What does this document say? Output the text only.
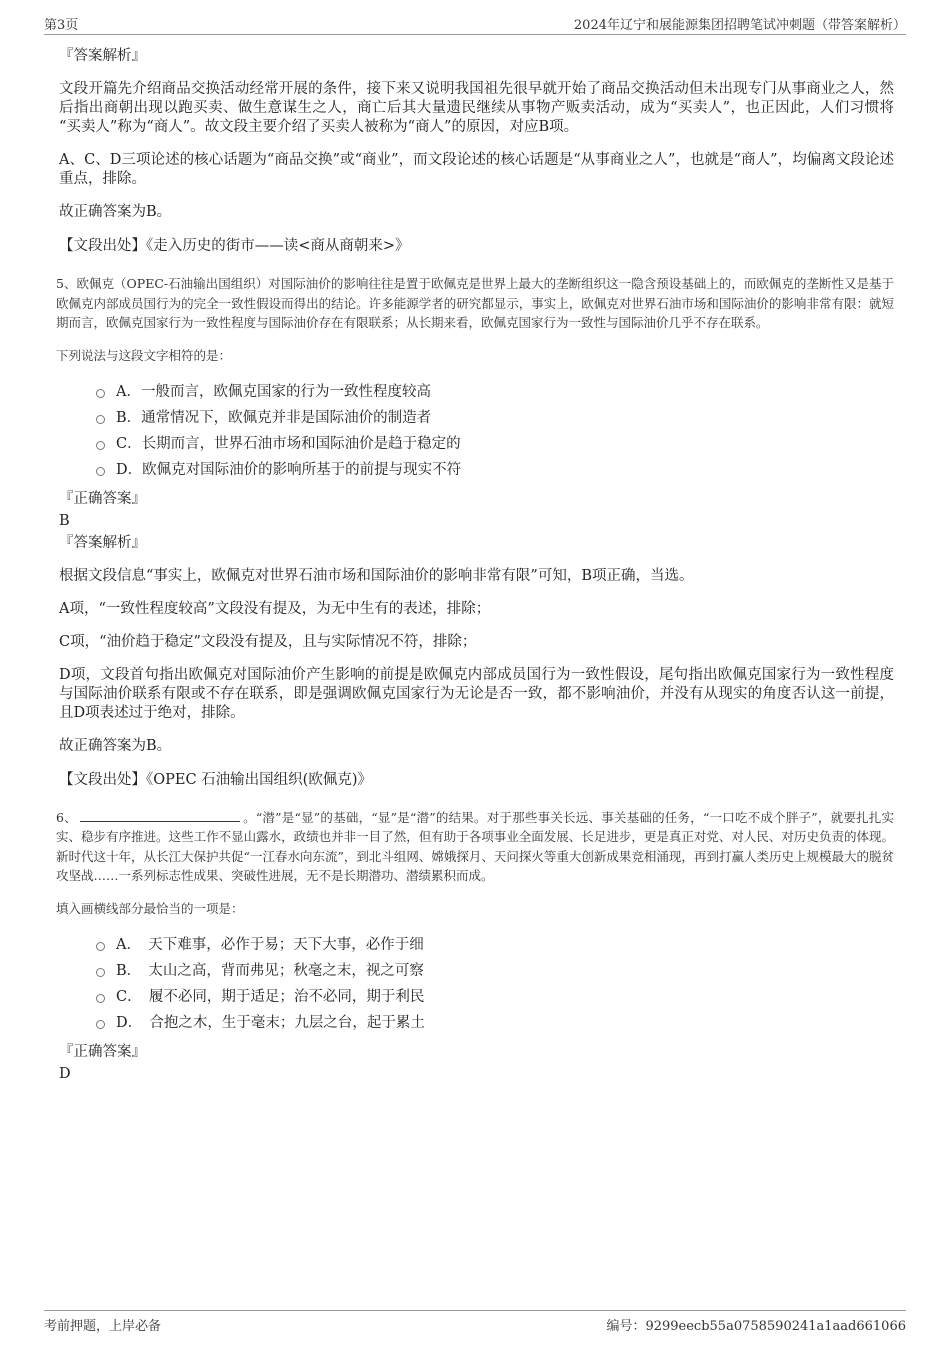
第3页	2024年辽宁和展能源集团招聘笔试冲刺题（带答案解析）
『答案解析』
文段开篇先介绍商品交换活动经常开展的条件，接下来又说明我国祖先很早就开始了商品交换活动但未出现专门从事商业之人，然后指出商朝出现以跑买卖、做生意谋生之人，商亡后其大量遗民继续从事物产贩卖活动，成为“买卖人”，也正因此，人们习惯将 “买卖人”称为“商人”。故文段主要介绍了买卖人被称为“商人”的原因，对应B项。
A、C、D三项论述的核心话题为“商品交换”或“商业”，而文段论述的核心话题是“从事商业之人”，也就是“商人”，均偏离文段论述重点，排除。
故正确答案为B。
【文段出处】《走入历史的街市——读<商从商朝来>》
5、欧佩克（OPEC-石油输出国组织）对国际油价的影响往往是置于欧佩克是世界上最大的垄断组织这一隐含预设基础上的，而欧佩克的垄断性又是基于欧佩克内部成员国行为的完全一致性假设而得出的结论。许多能源学者的研究都显示，事实上，欧佩克对世界石油市场和国际油价的影响非常有限：就短期而言，欧佩克国家行为一致性程度与国际油价存在有限联系；从长期来看，欧佩克国家行为一致性与国际油价几乎不存在联系。
下列说法与这段文字相符的是：
A．一般而言，欧佩克国家的行为一致性程度较高
B．通常情况下，欧佩克并非是国际油价的制造者
C．长期而言，世界石油市场和国际油价是趋于稳定的
D．欧佩克对国际油价的影响所基于的前提与现实不符
『正确答案』
B
『答案解析』
根据文段信息“事实上，欧佩克对世界石油市场和国际油价的影响非常有限”可知，B项正确，当选。
A项，“一致性程度较高”文段没有提及，为无中生有的表述，排除；
C项，“油价趋于稳定”文段没有提及，且与实际情况不符，排除；
D项，文段首句指出欧佩克对国际油价产生影响的前提是欧佩克内部成员国行为一致性假设，尾句指出欧佩克国家行为一致性程度与国际油价联系有限或不存在联系，即是强调欧佩克国家行为无论是否一致，都不影响油价，并没有从现实的角度否认这一前提，且D项表述过于绝对，排除。
故正确答案为B。
【文段出处】《OPEC 石油输出国组织(欧佩克)》
6、	。“潜”是“显”的基础，“显”是“潜”的结果。对于那些事关长远、事关基础的任务，“一口吃不成个胖子”，就要扎扎实实、稳步有序推进。这些工作不显山露水，政绩也并非一目了然，但有助于各项事业全面发展、长足进步，更是真正对党、对人民、对历史负责的体现。新时代这十年，从长江大保护共促“一江春水向东流”，到北斗组网、嫦娥探月、天问探火等重大创新成果竞相涌现，再到打赢人类历史上规模最大的脱贫攻坚战……一系列标志性成果、突破性进展，无不是长期潜功、潜绩累积而成。
填入画横线部分最恰当的一项是：
A．　天下难事，必作于易；天下大事，必作于细
B．　太山之高，背而弗见；秋毫之末，视之可察
C．　履不必同，期于适足；治不必同，期于利民
D．　合抱之木，生于毫末；九层之台，起于累土
『正确答案』
D
考前押题，上岸必备	编号：9299eecb55a0758590241a1aad661066
